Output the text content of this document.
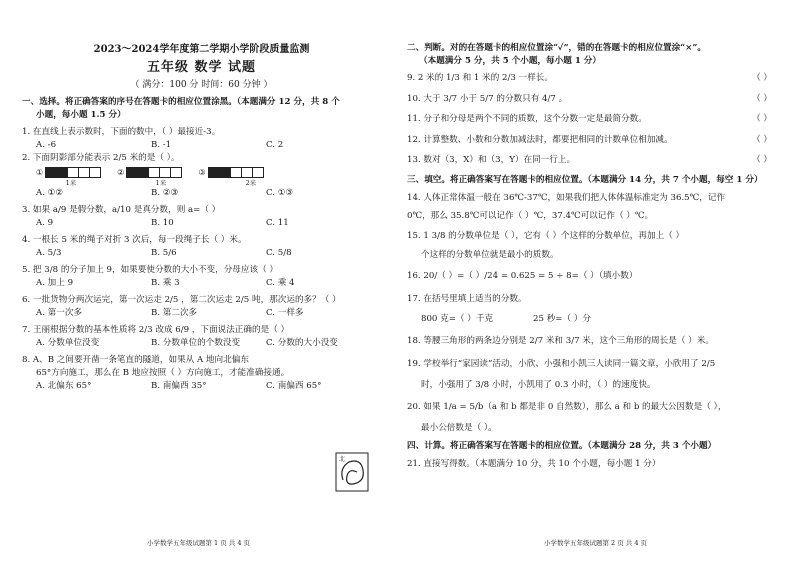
2023～2024学年度第二学期小学阶段质量监测
五年级 数学 试题
（ 满分：100 分 时间：60 分钟 ）
一、选择。将正确答案的序号在答题卡的相应位置涂黑。（本题满分 12 分，共 8 个
小题，每小题 1.5 分）
1. 在直线上表示数时，下面的数中，（ ）最接近-3。
A. -6	B. -1	C. 2
2. 下面阴影部分能表示 2/5 米的是（ ）。
①	②	③
1米	1米	2米
A. ①②	B. ②③	C. ①③
3. 如果 a/9 是假分数，a/10 是真分数，则 a=（ ）
A. 9	B. 10	C. 11
4. 一根长 5 米的绳子对折 3 次后，每一段绳子长（ ）米。
A. 5/3	B. 5/6	C. 5/8
5. 把 3/8 的分子加上 9，如果要使分数的大小不变，分母应该（ ）
A. 加上 9	B. 乘 3	C. 乘 4
6. 一批货物分两次运完，第一次运走 2/5 ，第二次运走 2/5 吨，那次运的多？（ ）
A. 第一次多	B. 第二次多	C. 一样多
7. 王丽根据分数的基本性质将 2/3 改成 6/9 ，下面说法正确的是（ ）
A. 分数单位没变	B. 分数单位的个数没变	C. 分数的大小没变
8. A、B 之间要开凿一条笔直的隧道，如果从 A 地向北偏东
65°方向施工，那么在 B 地应按照（ ）方向施工，才能准确接通。
A. 北偏东 65°	B. 南偏西 35°	C. 南偏西 65°
北
小学数学五年级试题第 1 页 共 4 页
二、判断。对的在答题卡的相应位置涂“✓”，错的在答题卡的相应位置涂“×”。
（本题满分 5 分，共 5 个小题，每小题 1 分）
9. 2 米的 1/3 和 1 米的 2/3 一样长。	（ ）
10. 大于 3/7 小于 5/7 的分数只有 4/7 。	（ ）
11. 分子和分母是两个不同的质数，这个分数一定是最简分数。	（ ）
12. 计算整数、小数和分数加减法时，都要把相同的计数单位相加减。	（ ）
13. 数对（3，X）和（3，Y）在同一行上。	（ ）
三、填空。将正确答案写在答题卡的相应位置。（本题满分 14 分，共 7 个小题，每空 1 分）
14. 人体正常体温一般在 36℃-37℃，如果我们把人体体温标准定为 36.5℃，记作
0℃，那么 35.8℃可以记作（ ）℃，37.4℃可以记作（ ）℃。
15. 1 3/8 的分数单位是（ ），它有（ ）个这样的分数单位，再加上（ ）
个这样的分数单位就是最小的质数。
16. 20/（ ）=（ ）/24 = 0.625 = 5 ÷ 8=（ ）（填小数）
17. 在括号里填上适当的分数。
800 克=（ ）千克	25 秒=（ ）分
18. 等腰三角形的两条边分别是 2/7 米和 3/7 米，这个三角形的周长是（ ）米。
19. 学校举行“家园读”活动，小欣、小强和小凯三人读同一篇文章，小欣用了 2/5
时，小强用了 3/8 小时，小凯用了 0.3 小时，（ ）的速度快。
20. 如果 1/a = 5/b（a 和 b 都是非 0 自然数），那么 a 和 b 的最大公因数是（ ），
最小公倍数是（ ）。
四、计算。将正确答案写在答题卡的相应位置。（本题满分 28 分，共 3 个小题）
21. 直接写得数。（本题满分 10 分，共 10 个小题，每小题 1 分）
小学数学五年级试题第 2 页 共 4 页
